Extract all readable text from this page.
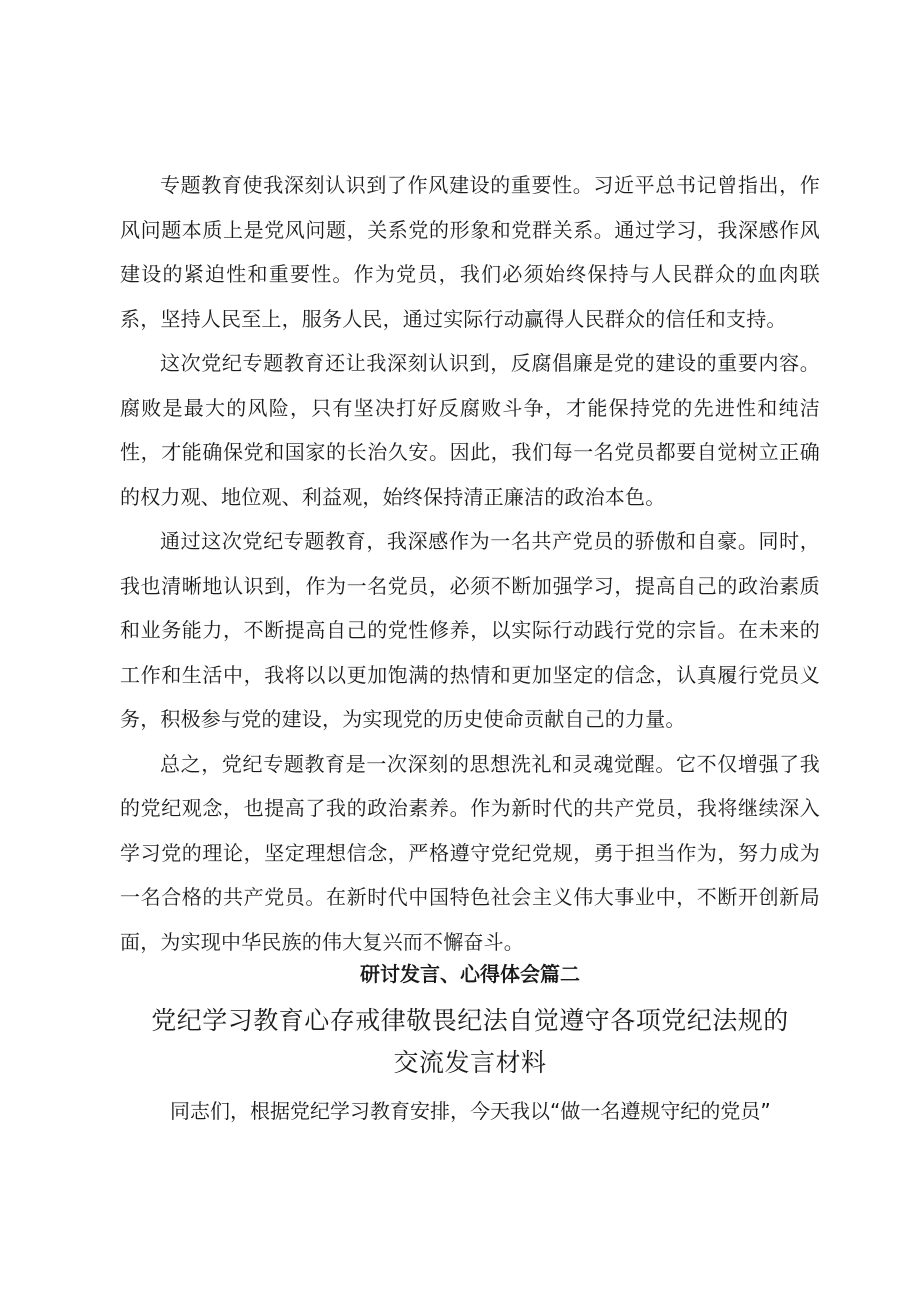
专题教育使我深刻认识到了作风建设的重要性。习近平总书记曾指出，作风问题本质上是党风问题，关系党的形象和党群关系。通过学习，我深感作风建设的紧迫性和重要性。作为党员，我们必须始终保持与人民群众的血肉联系，坚持人民至上，服务人民，通过实际行动赢得人民群众的信任和支持。

这次党纪专题教育还让我深刻认识到，反腐倡廉是党的建设的重要内容。腐败是最大的风险，只有坚决打好反腐败斗争，才能保持党的先进性和纯洁性，才能确保党和国家的长治久安。因此，我们每一名党员都要自觉树立正确的权力观、地位观、利益观，始终保持清正廉洁的政治本色。

通过这次党纪专题教育，我深感作为一名共产党员的骄傲和自豪。同时，我也清晰地认识到，作为一名党员，必须不断加强学习，提高自己的政治素质和业务能力，不断提高自己的党性修养，以实际行动践行党的宗旨。在未来的工作和生活中，我将以以更加饱满的热情和更加坚定的信念，认真履行党员义务，积极参与党的建设，为实现党的历史使命贡献自己的力量。

总之，党纪专题教育是一次深刻的思想洗礼和灵魂觉醒。它不仅增强了我的党纪观念，也提高了我的政治素养。作为新时代的共产党员，我将继续深入学习党的理论，坚定理想信念，严格遵守党纪党规，勇于担当作为，努力成为一名合格的共产党员。在新时代中国特色社会主义伟大事业中，不断开创新局面，为实现中华民族的伟大复兴而不懈奋斗。

研讨发言、心得体会篇二
党纪学习教育心存戒律敬畏纪法自觉遵守各项党纪法规的交流发言材料

同志们，根据党纪学习教育安排，今天我以“做一名遵规守纪的党员”
